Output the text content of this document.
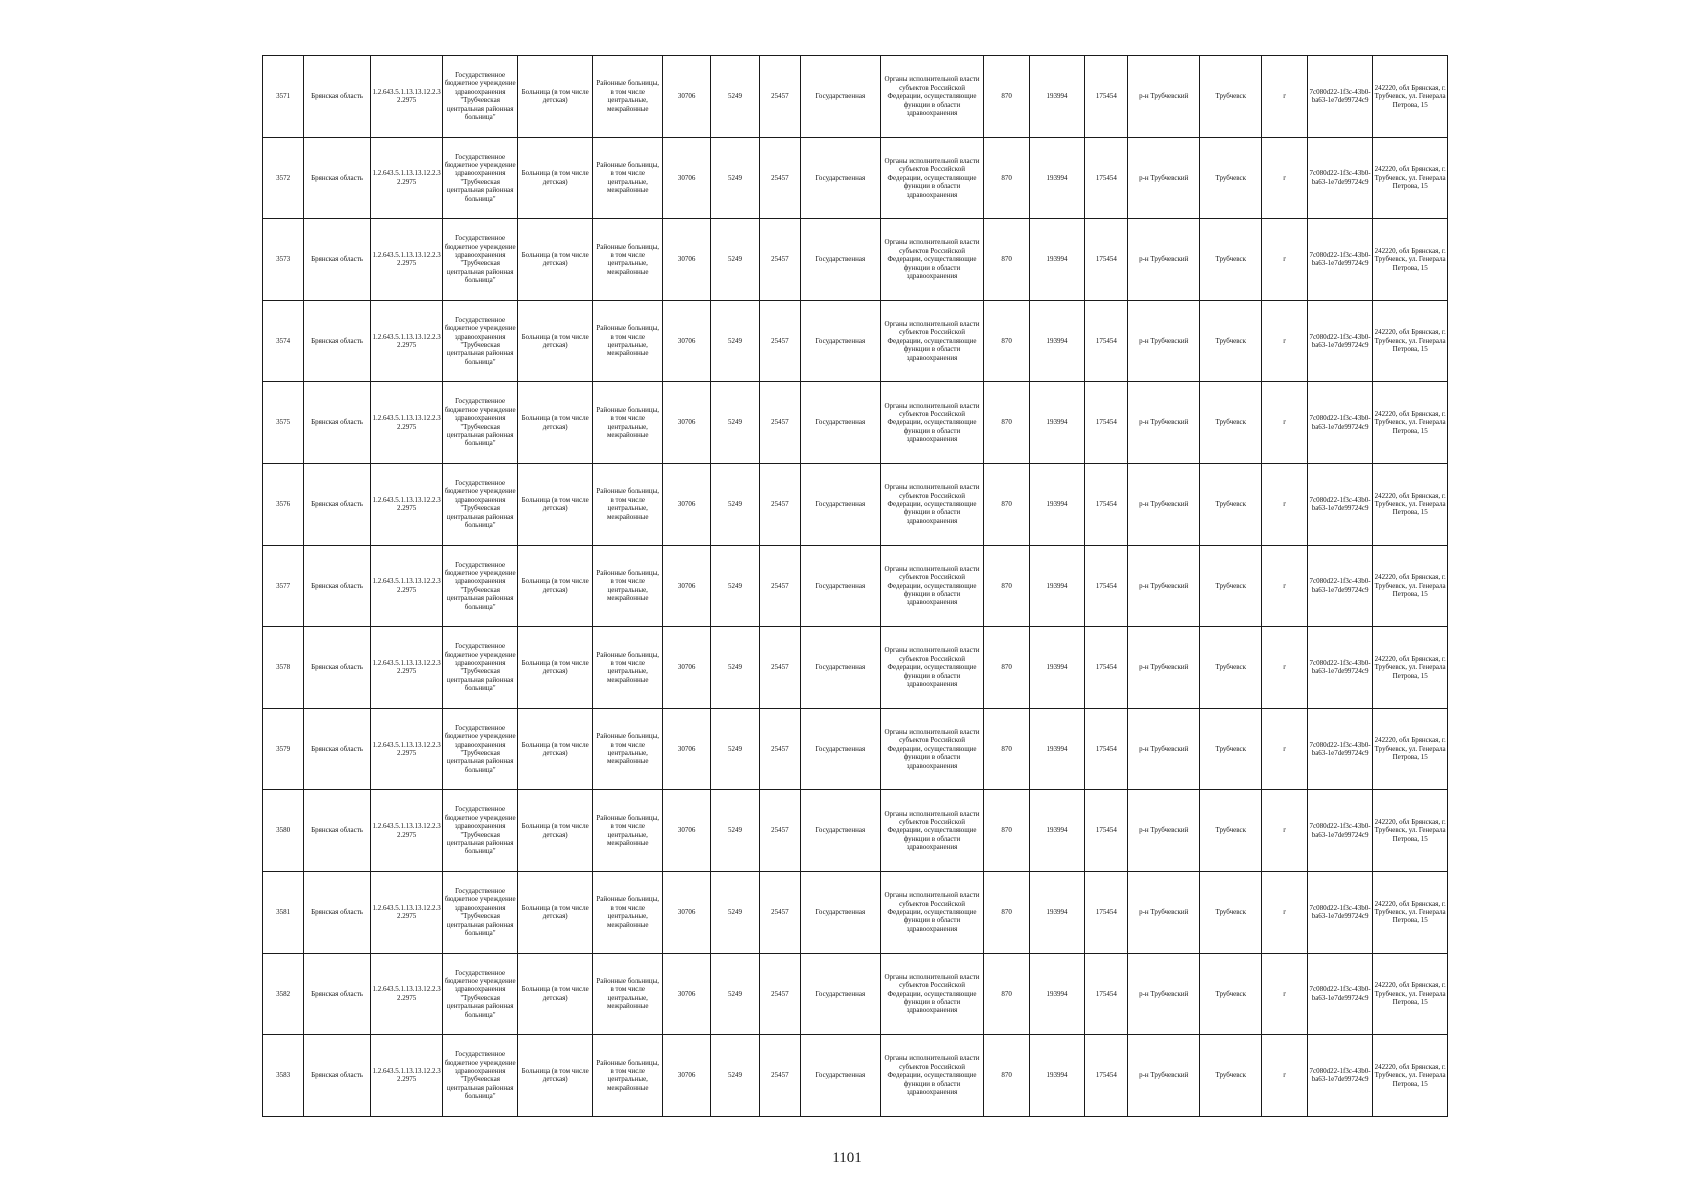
3571	Брянская область	1.2.643.5.1.13.13.12.2.32.2975	Государственное бюджетное учреждение здравоохранения "Трубчевская центральная районная больница"	Больница (в том числе детская)	Районные больницы, в том числе центральные, межрайонные	30706	5249	25457	Государственная	Органы исполнительной власти субъектов Российской Федерации, осуществляющие функции в области здравоохранения	870	193994	175454	р-н Трубчевский	Трубчевск	г	7c080d22-1f3c-43b0-ba63-1e7de99724c9	242220, обл Брянская, г. Трубчевск, ул. Генерала Петрова, 15
3572	Брянская область	1.2.643.5.1.13.13.12.2.32.2975	Государственное бюджетное учреждение здравоохранения "Трубчевская центральная районная больница"	Больница (в том числе детская)	Районные больницы, в том числе центральные, межрайонные	30706	5249	25457	Государственная	Органы исполнительной власти субъектов Российской Федерации, осуществляющие функции в области здравоохранения	870	193994	175454	р-н Трубчевский	Трубчевск	г	7c080d22-1f3c-43b0-ba63-1e7de99724c9	242220, обл Брянская, г. Трубчевск, ул. Генерала Петрова, 15
3573	Брянская область	1.2.643.5.1.13.13.12.2.32.2975	Государственное бюджетное учреждение здравоохранения "Трубчевская центральная районная больница"	Больница (в том числе детская)	Районные больницы, в том числе центральные, межрайонные	30706	5249	25457	Государственная	Органы исполнительной власти субъектов Российской Федерации, осуществляющие функции в области здравоохранения	870	193994	175454	р-н Трубчевский	Трубчевск	г	7c080d22-1f3c-43b0-ba63-1e7de99724c9	242220, обл Брянская, г. Трубчевск, ул. Генерала Петрова, 15
3574	Брянская область	1.2.643.5.1.13.13.12.2.32.2975	Государственное бюджетное учреждение здравоохранения "Трубчевская центральная районная больница"	Больница (в том числе детская)	Районные больницы, в том числе центральные, межрайонные	30706	5249	25457	Государственная	Органы исполнительной власти субъектов Российской Федерации, осуществляющие функции в области здравоохранения	870	193994	175454	р-н Трубчевский	Трубчевск	г	7c080d22-1f3c-43b0-ba63-1e7de99724c9	242220, обл Брянская, г. Трубчевск, ул. Генерала Петрова, 15
3575	Брянская область	1.2.643.5.1.13.13.12.2.32.2975	Государственное бюджетное учреждение здравоохранения "Трубчевская центральная районная больница"	Больница (в том числе детская)	Районные больницы, в том числе центральные, межрайонные	30706	5249	25457	Государственная	Органы исполнительной власти субъектов Российской Федерации, осуществляющие функции в области здравоохранения	870	193994	175454	р-н Трубчевский	Трубчевск	г	7c080d22-1f3c-43b0-ba63-1e7de99724c9	242220, обл Брянская, г. Трубчевск, ул. Генерала Петрова, 15
3576	Брянская область	1.2.643.5.1.13.13.12.2.32.2975	Государственное бюджетное учреждение здравоохранения "Трубчевская центральная районная больница"	Больница (в том числе детская)	Районные больницы, в том числе центральные, межрайонные	30706	5249	25457	Государственная	Органы исполнительной власти субъектов Российской Федерации, осуществляющие функции в области здравоохранения	870	193994	175454	р-н Трубчевский	Трубчевск	г	7c080d22-1f3c-43b0-ba63-1e7de99724c9	242220, обл Брянская, г. Трубчевск, ул. Генерала Петрова, 15
3577	Брянская область	1.2.643.5.1.13.13.12.2.32.2975	Государственное бюджетное учреждение здравоохранения "Трубчевская центральная районная больница"	Больница (в том числе детская)	Районные больницы, в том числе центральные, межрайонные	30706	5249	25457	Государственная	Органы исполнительной власти субъектов Российской Федерации, осуществляющие функции в области здравоохранения	870	193994	175454	р-н Трубчевский	Трубчевск	г	7c080d22-1f3c-43b0-ba63-1e7de99724c9	242220, обл Брянская, г. Трубчевск, ул. Генерала Петрова, 15
3578	Брянская область	1.2.643.5.1.13.13.12.2.32.2975	Государственное бюджетное учреждение здравоохранения "Трубчевская центральная районная больница"	Больница (в том числе детская)	Районные больницы, в том числе центральные, межрайонные	30706	5249	25457	Государственная	Органы исполнительной власти субъектов Российской Федерации, осуществляющие функции в области здравоохранения	870	193994	175454	р-н Трубчевский	Трубчевск	г	7c080d22-1f3c-43b0-ba63-1e7de99724c9	242220, обл Брянская, г. Трубчевск, ул. Генерала Петрова, 15
3579	Брянская область	1.2.643.5.1.13.13.12.2.32.2975	Государственное бюджетное учреждение здравоохранения "Трубчевская центральная районная больница"	Больница (в том числе детская)	Районные больницы, в том числе центральные, межрайонные	30706	5249	25457	Государственная	Органы исполнительной власти субъектов Российской Федерации, осуществляющие функции в области здравоохранения	870	193994	175454	р-н Трубчевский	Трубчевск	г	7c080d22-1f3c-43b0-ba63-1e7de99724c9	242220, обл Брянская, г. Трубчевск, ул. Генерала Петрова, 15
3580	Брянская область	1.2.643.5.1.13.13.12.2.32.2975	Государственное бюджетное учреждение здравоохранения "Трубчевская центральная районная больница"	Больница (в том числе детская)	Районные больницы, в том числе центральные, межрайонные	30706	5249	25457	Государственная	Органы исполнительной власти субъектов Российской Федерации, осуществляющие функции в области здравоохранения	870	193994	175454	р-н Трубчевский	Трубчевск	г	7c080d22-1f3c-43b0-ba63-1e7de99724c9	242220, обл Брянская, г. Трубчевск, ул. Генерала Петрова, 15
3581	Брянская область	1.2.643.5.1.13.13.12.2.32.2975	Государственное бюджетное учреждение здравоохранения "Трубчевская центральная районная больница"	Больница (в том числе детская)	Районные больницы, в том числе центральные, межрайонные	30706	5249	25457	Государственная	Органы исполнительной власти субъектов Российской Федерации, осуществляющие функции в области здравоохранения	870	193994	175454	р-н Трубчевский	Трубчевск	г	7c080d22-1f3c-43b0-ba63-1e7de99724c9	242220, обл Брянская, г. Трубчевск, ул. Генерала Петрова, 15
3582	Брянская область	1.2.643.5.1.13.13.12.2.32.2975	Государственное бюджетное учреждение здравоохранения "Трубчевская центральная районная больница"	Больница (в том числе детская)	Районные больницы, в том числе центральные, межрайонные	30706	5249	25457	Государственная	Органы исполнительной власти субъектов Российской Федерации, осуществляющие функции в области здравоохранения	870	193994	175454	р-н Трубчевский	Трубчевск	г	7c080d22-1f3c-43b0-ba63-1e7de99724c9	242220, обл Брянская, г. Трубчевск, ул. Генерала Петрова, 15
3583	Брянская область	1.2.643.5.1.13.13.12.2.32.2975	Государственное бюджетное учреждение здравоохранения "Трубчевская центральная районная больница"	Больница (в том числе детская)	Районные больницы, в том числе центральные, межрайонные	30706	5249	25457	Государственная	Органы исполнительной власти субъектов Российской Федерации, осуществляющие функции в области здравоохранения	870	193994	175454	р-н Трубчевский	Трубчевск	г	7c080d22-1f3c-43b0-ba63-1e7de99724c9	242220, обл Брянская, г. Трубчевск, ул. Генерала Петрова, 15
1101
